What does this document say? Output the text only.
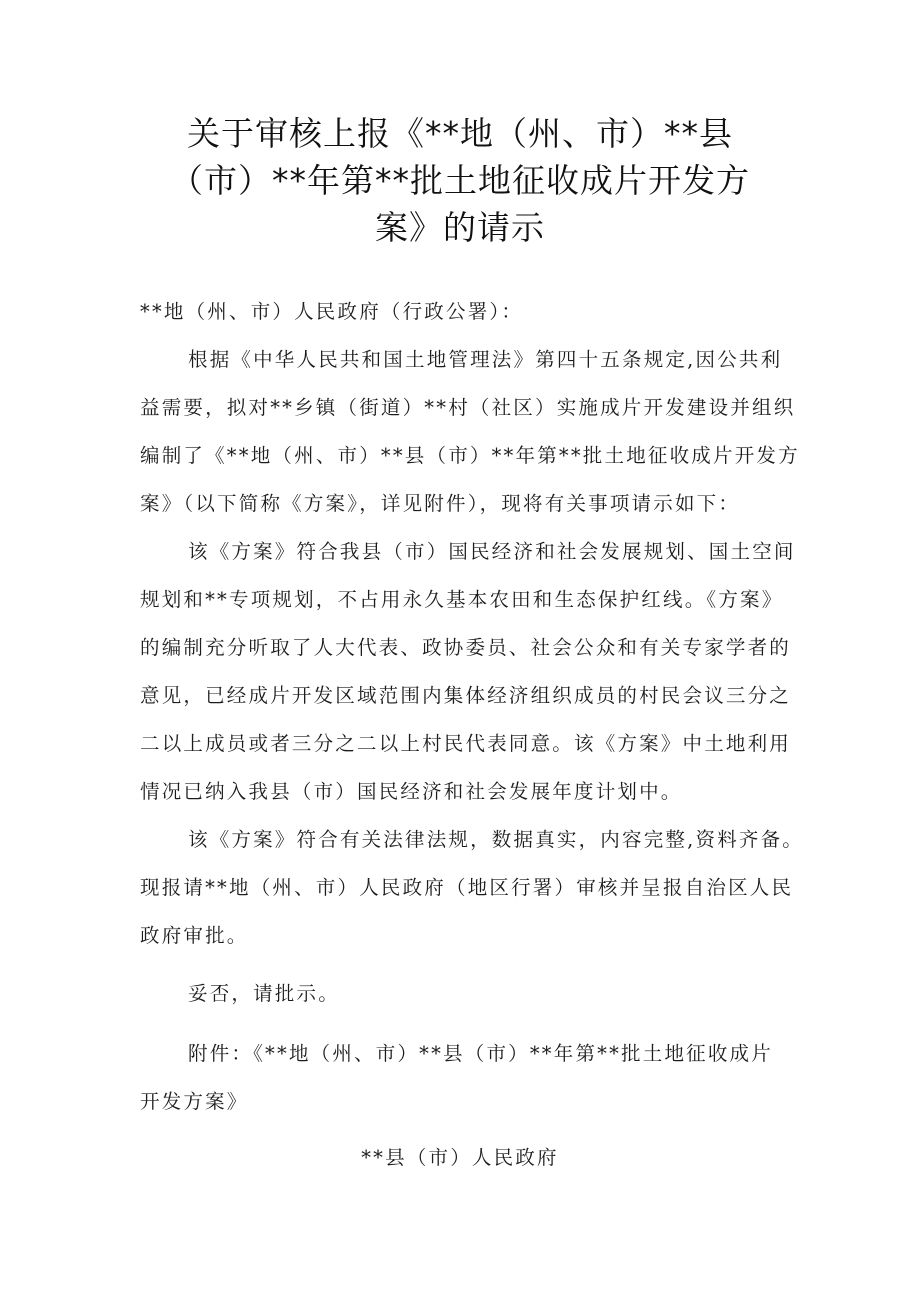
关于审核上报《**地（州、市）**县
（市）**年第**批土地征收成片开发方
案》的请示
**地（州、市）人民政府（行政公署）：
根据《中华人民共和国土地管理法》第四十五条规定,因公共利
益需要，拟对**乡镇（街道）**村（社区）实施成片开发建设并组织
编制了《**地（州、市）**县（市）**年第**批土地征收成片开发方
案》（以下简称《方案》，详见附件），现将有关事项请示如下：
该《方案》符合我县（市）国民经济和社会发展规划、国土空间
规划和**专项规划，不占用永久基本农田和生态保护红线。《方案》
的编制充分听取了人大代表、政协委员、社会公众和有关专家学者的
意见，已经成片开发区域范围内集体经济组织成员的村民会议三分之
二以上成员或者三分之二以上村民代表同意。该《方案》中土地利用
情况已纳入我县（市）国民经济和社会发展年度计划中。
该《方案》符合有关法律法规，数据真实，内容完整,资料齐备。
现报请**地（州、市）人民政府（地区行署）审核并呈报自治区人民
政府审批。
妥否，请批示。
附件：《**地（州、市）**县（市）**年第**批土地征收成片
开发方案》
**县（市）人民政府
